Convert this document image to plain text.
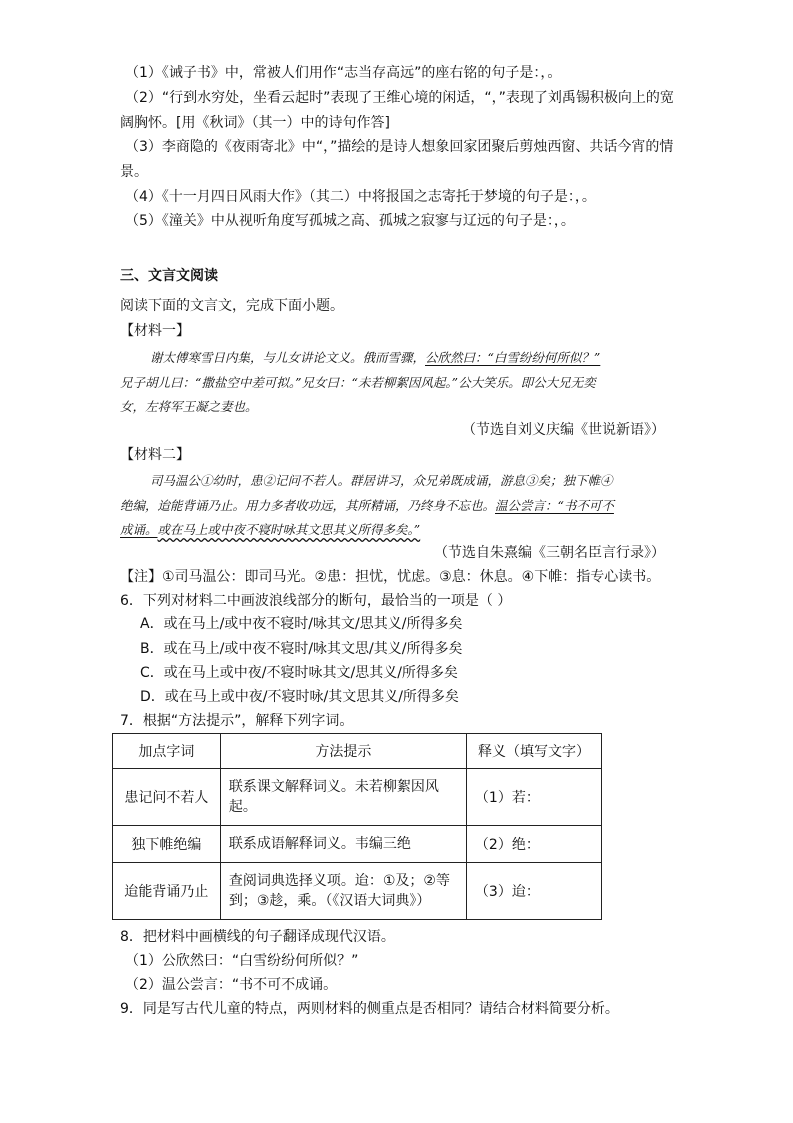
（1）《诫子书》中，常被人们用作“志当存高远”的座右铭的句子是：，。
（2）“行到水穷处，坐看云起时”表现了王维心境的闲适，“，”表现了刘禹锡积极向上的宽
阔胸怀。[用《秋词》（其一）中的诗句作答]
（3）李商隐的《夜雨寄北》中“，”描绘的是诗人想象回家团聚后剪烛西窗、共话今宵的情
景。
（4）《十一月四日风雨大作》（其二）中将报国之志寄托于梦境的句子是：，。
（5）《潼关》中从视听角度写孤城之高、孤城之寂寥与辽远的句子是：，。
三、文言文阅读
阅读下面的文言文，完成下面小题。
【材料一】
谢太傅寒雪日内集，与儿女讲论文义。俄而雪骤，公欣然曰：“白雪纷纷何所似？”
兄子胡儿曰：“撒盐空中差可拟。”兄女曰：“未若柳絮因风起。”公大笑乐。即公大兄无奕
女，左将军王凝之妻也。
（节选自刘义庆编《世说新语》）
【材料二】
司马温公①幼时，患②记问不若人。群居讲习，众兄弟既成诵，游息③矣；独下帷④
绝编，迨能背诵乃止。用力多者收功远，其所精诵，乃终身不忘也。温公尝言：“书不可不
成诵。或在马上或中夜不寝时咏其文思其义所得多矣。”
（节选自朱熹编《三朝名臣言行录》）
【注】①司马温公：即司马光。②患：担忧，忧虑。③息：休息。④下帷：指专心读书。
6．下列对材料二中画波浪线部分的断句，最恰当的一项是（ ）
A．或在马上/或中夜不寝时/咏其文/思其义/所得多矣
B．或在马上/或中夜不寝时/咏其文思/其义/所得多矣
C．或在马上或中夜/不寝时咏其文/思其义/所得多矣
D．或在马上或中夜/不寝时咏/其文思其义/所得多矣
7．根据“方法提示”，解释下列字词。
加点字词	方法提示	释义（填写文字）
患记问不若人	联系课文解释词义。未若柳絮因风起。	（1）若：
独下帷绝编	联系成语解释词义。韦编三绝	（2）绝：
迨能背诵乃止	查阅词典选择义项。迨：①及；②等到；③趁，乘。（《汉语大词典》）	（3）迨：
8．把材料中画横线的句子翻译成现代汉语。
（1）公欣然曰：“白雪纷纷何所似？”
（2）温公尝言：“书不可不成诵。
9．同是写古代儿童的特点，两则材料的侧重点是否相同？请结合材料简要分析。
